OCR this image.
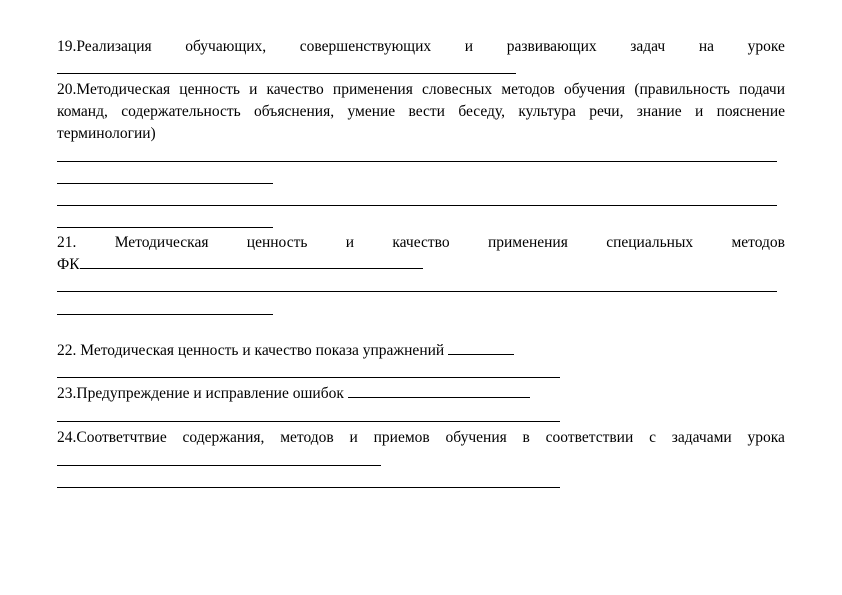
19.Реализация обучающих, совершенствующих и развивающих задач на уроке
20.Методическая ценность и качество применения словесных методов обучения (правильность подачи команд, содержательность объяснения, умение вести беседу, культура речи, знание и пояснение терминологии)
21. Методическая ценность и качество применения специальных методов
ФК
22. Методическая ценность и качество показа упражнений
23.Предупреждение и исправление ошибок
24.Соответчтвие содержания, методов и приемов обучения в соответствии с задачами урока
